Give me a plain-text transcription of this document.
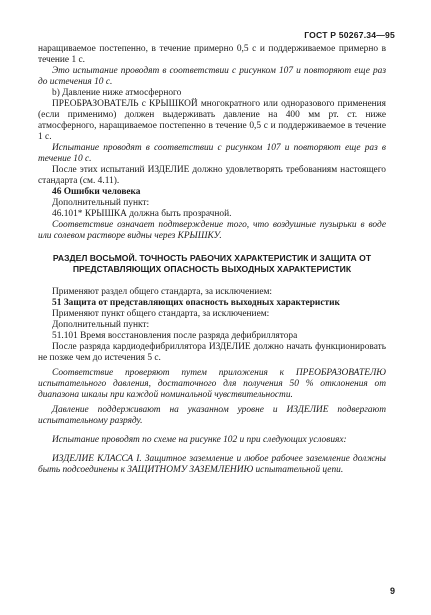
ГОСТ Р 50267.34—95

наращиваемое постепенно, в течение примерно 0,5 с и поддерживаемое примерно в течение 1 с.

Это испытание проводят в соответствии с рисунком 107 и повторяют еще раз до истечения 10 с.

b) Давление ниже атмосферного

ПРЕОБРАЗОВАТЕЛЬ с КРЫШКОЙ многократного или одноразового применения (если применимо) должен выдерживать давление на 400 мм рт. ст. ниже атмосферного, наращиваемое постепенно в течение 0,5 с и поддерживаемое в течение 1 с.

Испытание проводят в соответствии с рисунком 107 и повторяют еще раз в течение 10 с.

После этих испытаний ИЗДЕЛИЕ должно удовлетворять требованиям настоящего стандарта (см. 4.11).

46 Ошибки человека

Дополнительный пункт:

46.101* КРЫШКА должна быть прозрачной.

Соответствие означает подтверждение того, что воздушные пузырьки в воде или солевом растворе видны через КРЫШКУ.

РАЗДЕЛ ВОСЬМОЙ. ТОЧНОСТЬ РАБОЧИХ ХАРАКТЕРИСТИК И ЗАЩИТА ОТ ПРЕДСТАВЛЯЮЩИХ ОПАСНОСТЬ ВЫХОДНЫХ ХАРАКТЕРИСТИК

Применяют раздел общего стандарта, за исключением:

51 Защита от представляющих опасность выходных характеристик

Применяют пункт общего стандарта, за исключением:

Дополнительный пункт:

51.101 Время восстановления после разряда дефибриллятора

После разряда кардиодефибриллятора ИЗДЕЛИЕ должно начать функционировать не позже чем до истечения 5 с.

Соответствие проверяют путем приложения к ПРЕОБРАЗОВАТЕЛЮ испытательного давления, достаточного для получения 50 % отклонения от диапазона шкалы при каждой номинальной чувствительности.

Давление поддерживают на указанном уровне и ИЗДЕЛИЕ подвергают испытательному разряду.

Испытание проводят по схеме на рисунке 102 и при следующих условиях:

ИЗДЕЛИЕ КЛАССА I. Защитное заземление и любое рабочее заземление должны быть подсоединены к ЗАЩИТНОМУ ЗАЗЕМЛЕНИЮ испытательной цепи.

9
